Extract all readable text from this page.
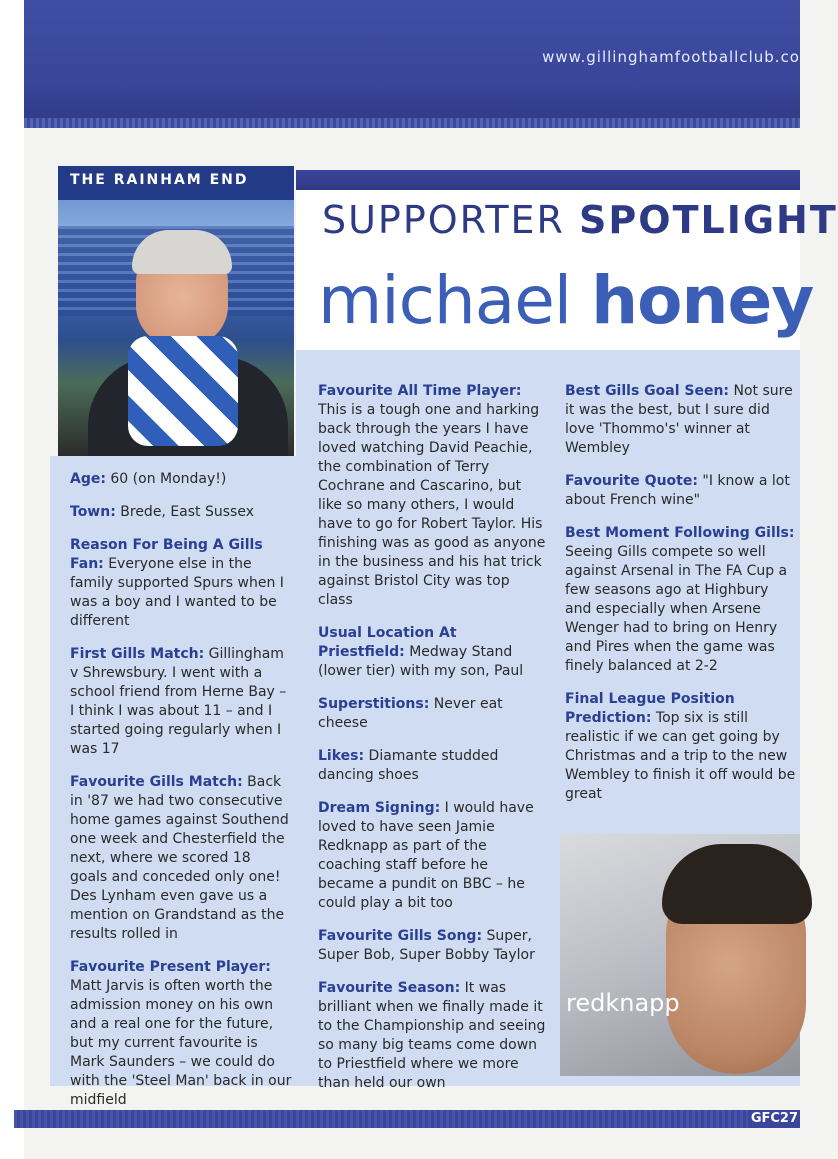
www.gillinghamfootballclub.co
THE RAINHAM END
SUPPORTER SPOTLIGHT
michael honey
Age: 60 (on Monday!)
Town: Brede, East Sussex
Reason For Being A Gills Fan: Everyone else in the family supported Spurs when I was a boy and I wanted to be different
First Gills Match: Gillingham v Shrewsbury. I went with a school friend from Herne Bay – I think I was about 11 – and I started going regularly when I was 17
Favourite Gills Match: Back in '87 we had two consecutive home games against Southend one week and Chesterfield the next, where we scored 18 goals and conceded only one! Des Lynham even gave us a mention on Grandstand as the results rolled in
Favourite Present Player: Matt Jarvis is often worth the admission money on his own and a real one for the future, but my current favourite is Mark Saunders – we could do with the 'Steel Man' back in our midfield
Favourite All Time Player: This is a tough one and harking back through the years I have loved watching David Peachie, the combination of Terry Cochrane and Cascarino, but like so many others, I would have to go for Robert Taylor. His finishing was as good as anyone in the business and his hat trick against Bristol City was top class
Usual Location At Priestfield: Medway Stand (lower tier) with my son, Paul
Superstitions: Never eat cheese
Likes: Diamante studded dancing shoes
Dream Signing: I would have loved to have seen Jamie Redknapp as part of the coaching staff before he became a pundit on BBC – he could play a bit too
Favourite Gills Song: Super, Super Bob, Super Bobby Taylor
Favourite Season: It was brilliant when we finally made it to the Championship and seeing so many big teams come down to Priestfield where we more than held our own
Best Gills Goal Seen: Not sure it was the best, but I sure did love 'Thommo's' winner at Wembley
Favourite Quote: "I know a lot about French wine"
Best Moment Following Gills: Seeing Gills compete so well against Arsenal in The FA Cup a few seasons ago at Highbury and especially when Arsene Wenger had to bring on Henry and Pires when the game was finely balanced at 2-2
Final League Position Prediction: Top six is still realistic if we can get going by Christmas and a trip to the new Wembley to finish it off would be great
redknapp
GFC27
